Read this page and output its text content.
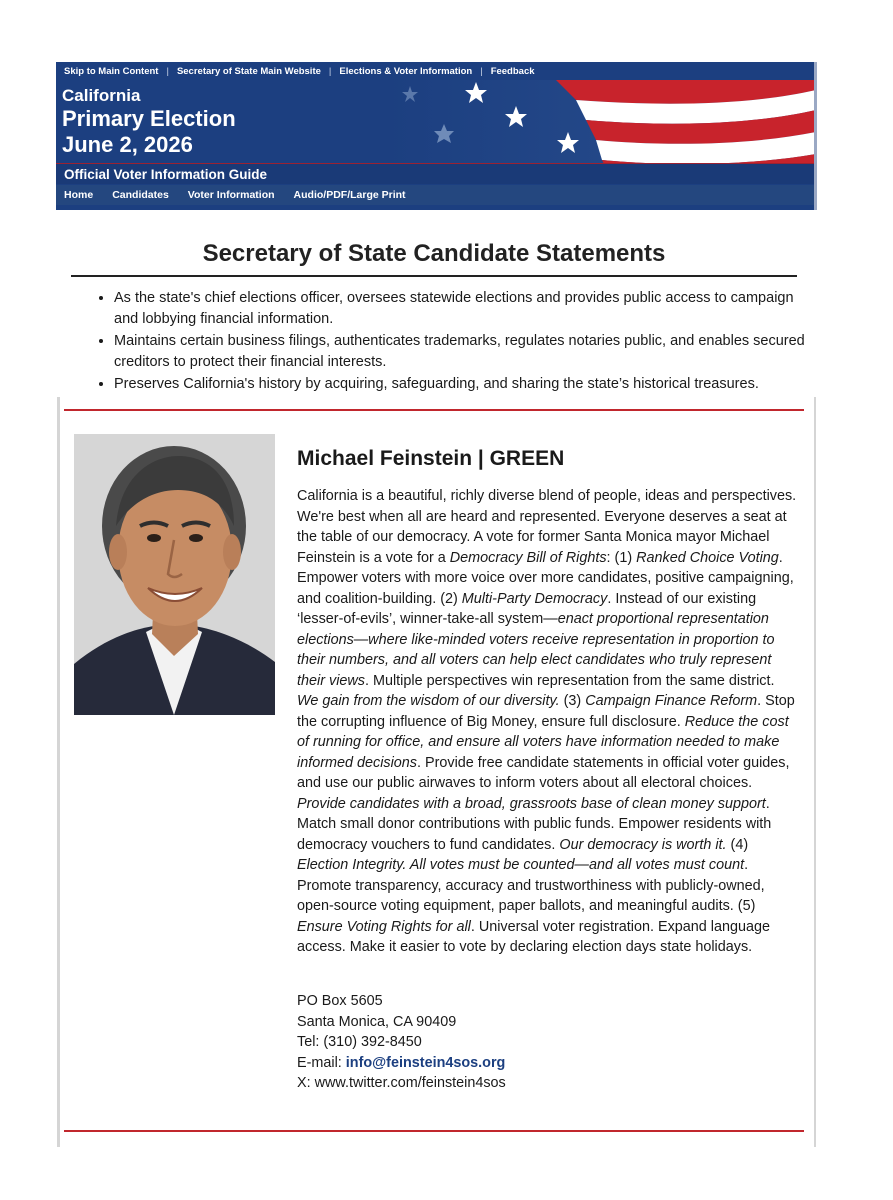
Skip to Main Content | Secretary of State Main Website | Elections & Voter Information | Feedback
California
Primary Election
June 2, 2026
Official Voter Information Guide
Home Candidates Voter Information Audio/PDF/Large Print
Secretary of State Candidate Statements
• As the state's chief elections officer, oversees statewide elections and provides public access to campaign and lobbying financial information.
• Maintains certain business filings, authenticates trademarks, regulates notaries public, and enables secured creditors to protect their financial interests.
• Preserves California's history by acquiring, safeguarding, and sharing the state’s historical treasures.
Michael Feinstein | GREEN
California is a beautiful, richly diverse blend of people, ideas and perspectives. We're best when all are heard and represented. Everyone deserves a seat at the table of our democracy. A vote for former Santa Monica mayor Michael Feinstein is a vote for a Democracy Bill of Rights: (1) Ranked Choice Voting. Empower voters with more voice over more candidates, positive campaigning, and coalition-building. (2) Multi-Party Democracy. Instead of our existing ‘lesser-of-evils’, winner-take-all system—enact proportional representation elections—where like-minded voters receive representation in proportion to their numbers, and all voters can help elect candidates who truly represent their views. Multiple perspectives win representation from the same district. We gain from the wisdom of our diversity. (3) Campaign Finance Reform. Stop the corrupting influence of Big Money, ensure full disclosure. Reduce the cost of running for office, and ensure all voters have information needed to make informed decisions. Provide free candidate statements in official voter guides, and use our public airwaves to inform voters about all electoral choices. Provide candidates with a broad, grassroots base of clean money support. Match small donor contributions with public funds. Empower residents with democracy vouchers to fund candidates. Our democracy is worth it. (4) Election Integrity. All votes must be counted—and all votes must count. Promote transparency, accuracy and trustworthiness with publicly-owned, open-source voting equipment, paper ballots, and meaningful audits. (5) Ensure Voting Rights for all. Universal voter registration. Expand language access. Make it easier to vote by declaring election days state holidays.
PO Box 5605
Santa Monica, CA 90409
Tel: (310) 392-8450
E-mail: info@feinstein4sos.org
X: www.twitter.com/feinstein4sos
